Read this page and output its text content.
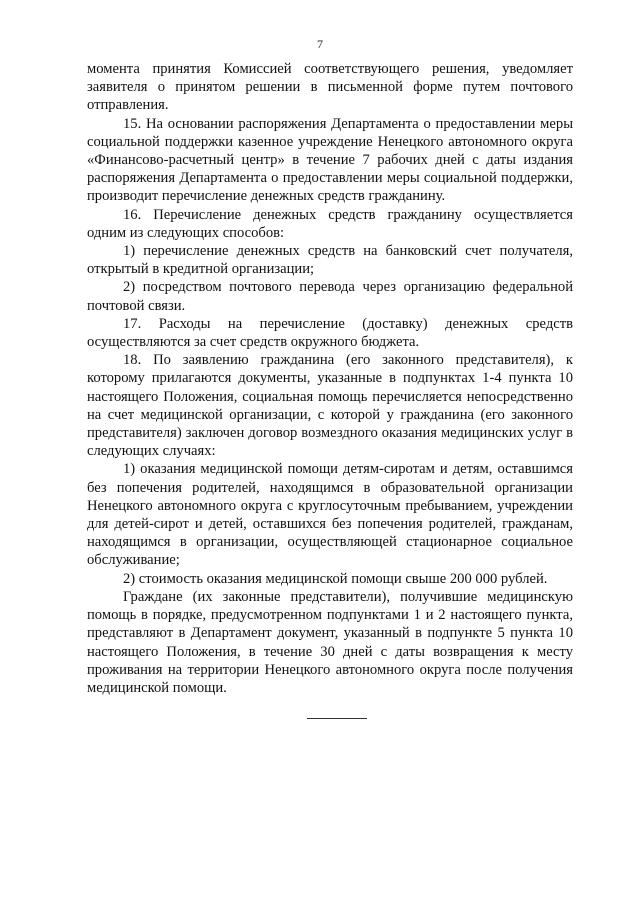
7

момента принятия Комиссией соответствующего решения, уведомляет заявителя о принятом решении в письменной форме путем почтового отправления.

15. На основании распоряжения Департамента о предоставлении меры социальной поддержки казенное учреждение Ненецкого автономного округа «Финансово-расчетный центр» в течение 7 рабочих дней с даты издания распоряжения Департамента о предоставлении меры социальной поддержки, производит перечисление денежных средств гражданину.

16. Перечисление денежных средств гражданину осуществляется одним из следующих способов:

1) перечисление денежных средств на банковский счет получателя, открытый в кредитной организации;

2) посредством почтового перевода через организацию федеральной почтовой связи.

17. Расходы на перечисление (доставку) денежных средств осуществляются за счет средств окружного бюджета.

18. По заявлению гражданина (его законного представителя), к которому прилагаются документы, указанные в подпунктах 1-4 пункта 10 настоящего Положения, социальная помощь перечисляется непосредственно на счет медицинской организации, с которой у гражданина (его законного представителя) заключен договор возмездного оказания медицинских услуг в следующих случаях:

1) оказания медицинской помощи детям-сиротам и детям, оставшимся без попечения родителей, находящимся в образовательной организации Ненецкого автономного округа с круглосуточным пребыванием, учреждении для детей-сирот и детей, оставшихся без попечения родителей, гражданам, находящимся в организации, осуществляющей стационарное социальное обслуживание;

2) стоимость оказания медицинской помощи свыше 200 000 рублей.

Граждане (их законные представители), получившие медицинскую помощь в порядке, предусмотренном подпунктами 1 и 2 настоящего пункта, представляют в Департамент документ, указанный в подпункте 5 пункта 10 настоящего Положения, в течение 30 дней с даты возвращения к месту проживания на территории Ненецкого автономного округа после получения медицинской помощи.
